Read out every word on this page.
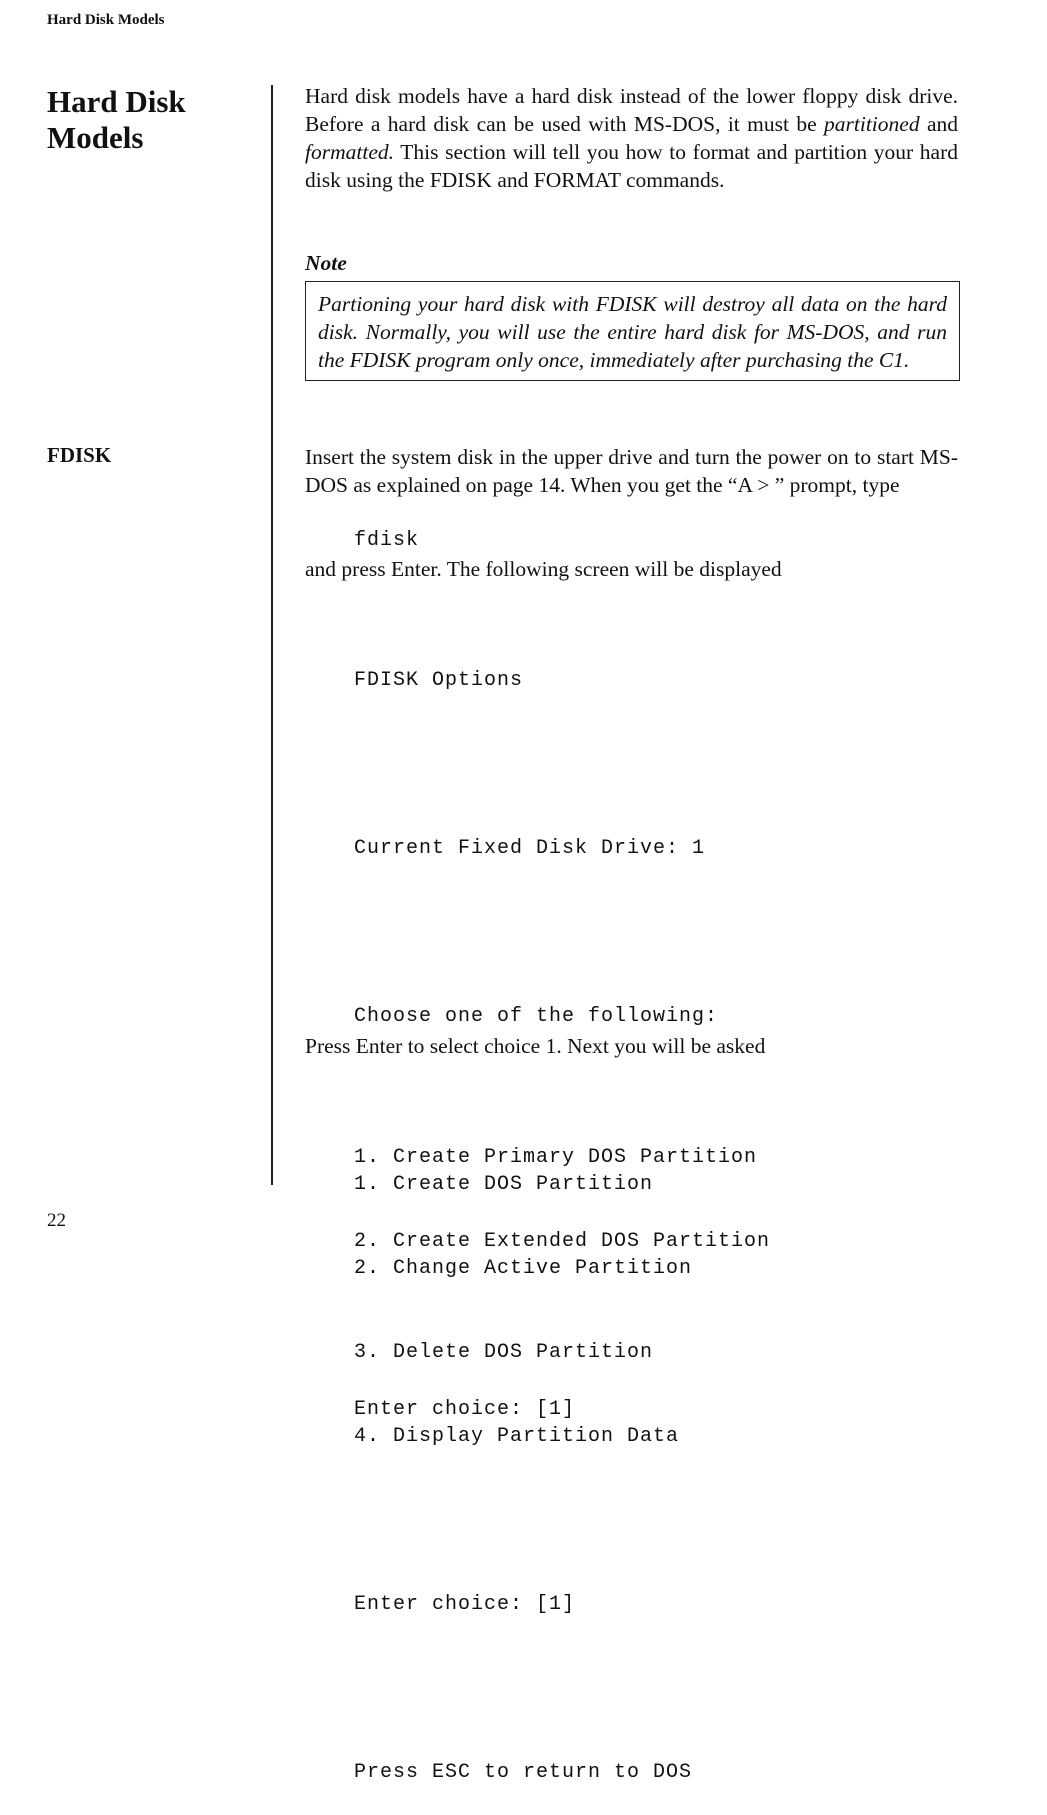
Hard Disk Models
Hard Disk
Models
FDISK

Hard disk models have a hard disk instead of the lower floppy disk drive. Before a hard disk can be used with MS-DOS, it must be partitioned and formatted. This section will tell you how to format and partition your hard disk using the FDISK and FORMAT commands.

Note
Partioning your hard disk with FDISK will destroy all data on the hard disk. Normally, you will use the entire hard disk for MS-DOS, and run the FDISK program only once, immediately after purchasing the C1.

Insert the system disk in the upper drive and turn the power on to start MS-DOS as explained on page 14. When you get the “A > ” prompt, type

fdisk
and press Enter. The following screen will be displayed

FDISK Options

Current Fixed Disk Drive: 1

Choose one of the following:

1. Create DOS Partition

2. Change Active Partition

3. Delete DOS Partition

4. Display Partition Data

Enter choice: [1]

Press ESC to return to DOS

Press Enter to select choice 1. Next you will be asked

1. Create Primary DOS Partition

2. Create Extended DOS Partition

Enter choice: [1]

22
